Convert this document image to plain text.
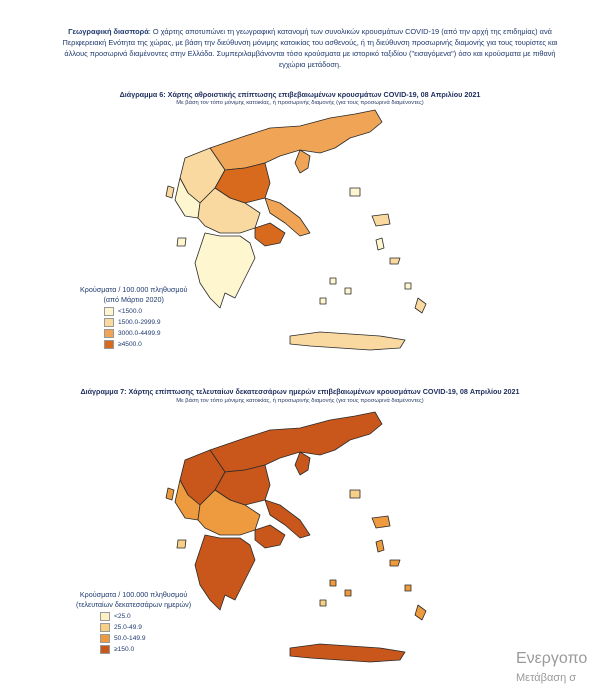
Γεωγραφική διασπορά: Ο χάρτης αποτυπώνει τη γεωγραφική κατανομή των συνολικών κρουσμάτων COVID-19 (από την αρχή της επιδημίας) ανά Περιφερειακή Ενότητα της χώρας, με βάση την διεύθυνση μόνιμης κατοικίας του ασθενούς, ή τη διεύθυνση προσωρινής διαμονής για τους τουρίστες και άλλους προσωρινά διαμένοντες στην Ελλάδα. Συμπεριλαμβάνονται τόσο κρούσματα με ιστορικό ταξιδίου ("εισαγόμενα") όσο και κρούσματα με πιθανή εγχώρια μετάδοση.
Διάγραμμα 6: Χάρτης αθροιστικής επίπτωσης επιβεβαιωμένων κρουσμάτων COVID-19, 08 Απριλίου 2021
Με βάση τον τόπο μόνιμης κατοικίας, ή προσωρινής διαμονής (για τους προσωρινά διαμένοντες)
Κρούσματα / 100.000 πληθυσμού
(από Μάρτιο 2020)
<1500.0
1500.0-2999.9
3000.0-4499.9
≥4500.0
Διάγραμμα 7: Χάρτης επίπτωσης τελευταίων δεκατεσσάρων ημερών επιβεβαιωμένων κρουσμάτων COVID-19, 08 Απριλίου 2021
Με βάση τον τόπο μόνιμης κατοικίας, ή προσωρινής διαμονής (για τους προσωρινά διαμένοντες)
Κρούσματα / 100.000 πληθυσμού
(τελευταίων δεκατεσσάρων ημερών)
<25.0
25.0-49.9
50.0-149.9
≥150.0
Ενεργοπο
Μετάβαση σ
